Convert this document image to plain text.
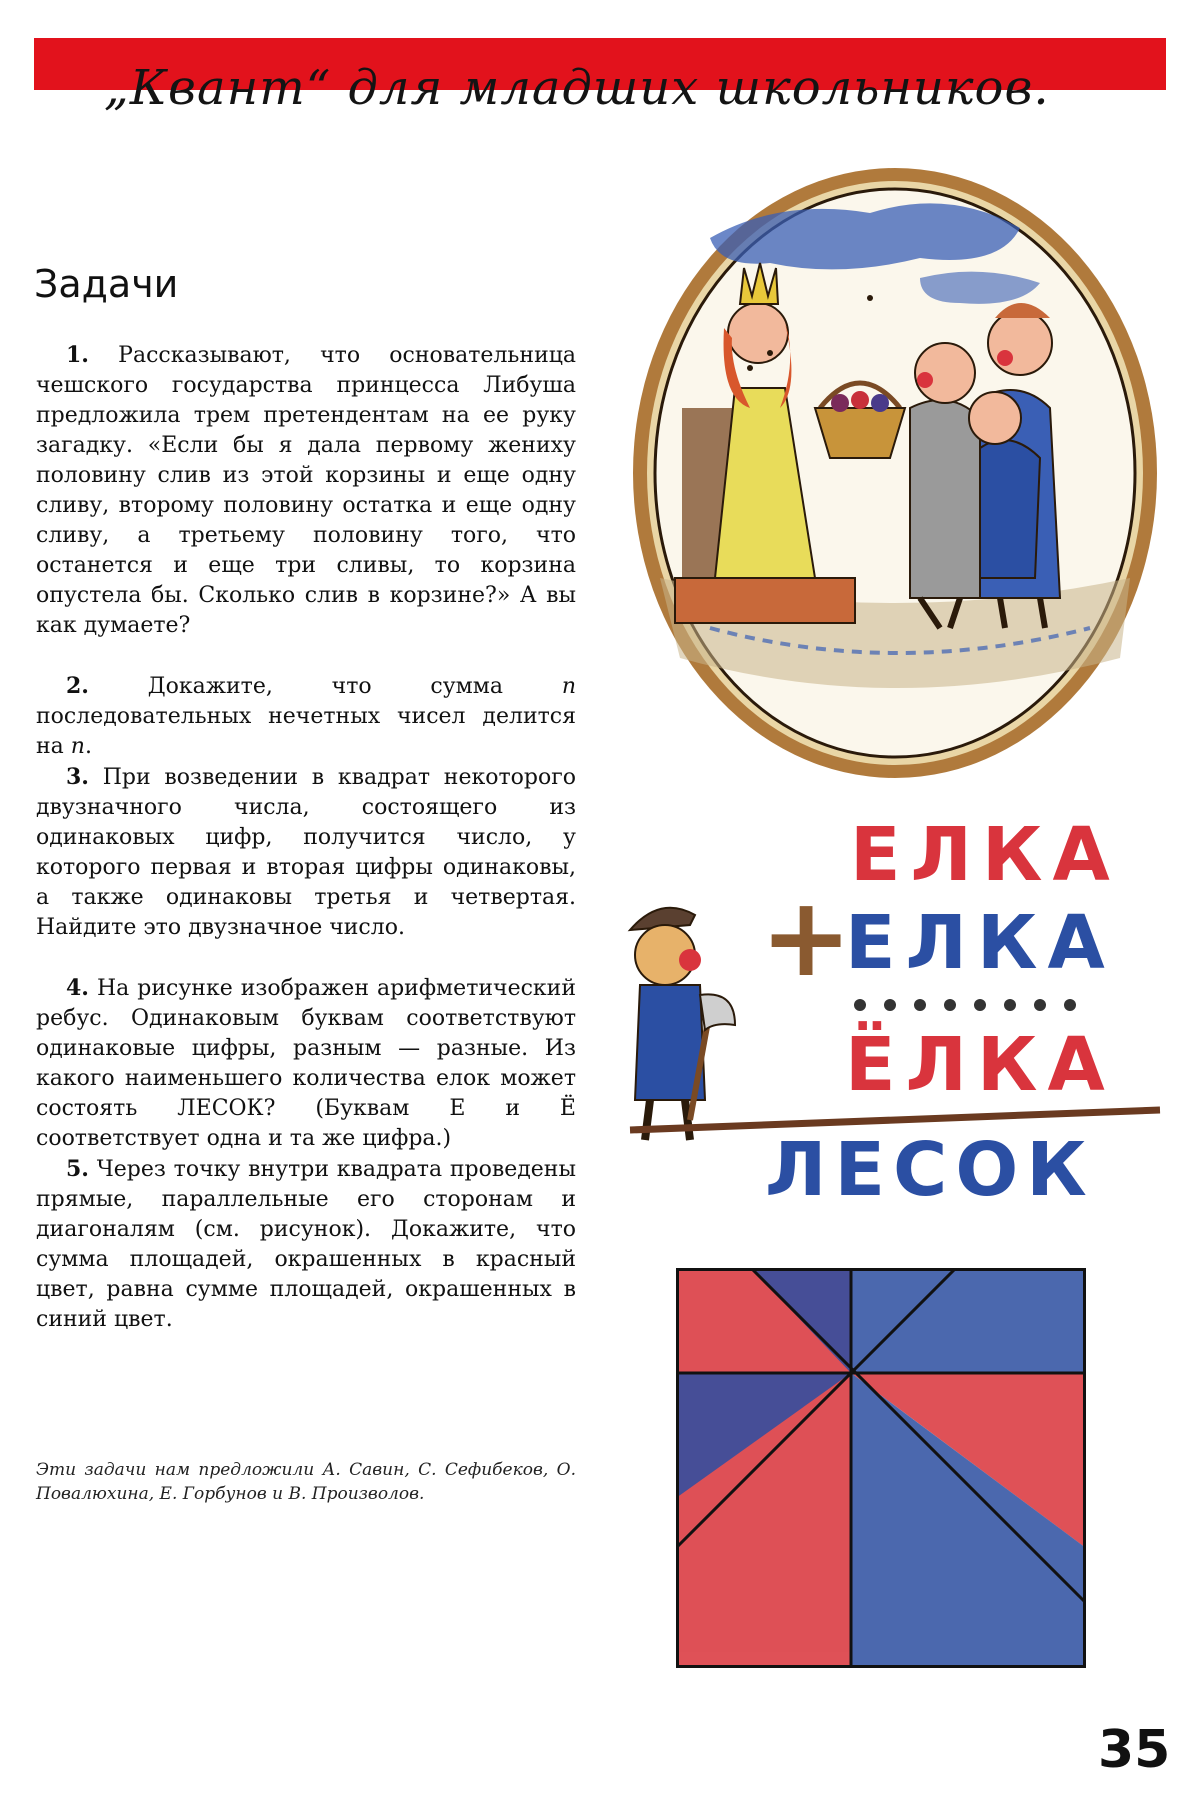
„Квант“ для младших школьников.
Задачи

1. Рассказывают, что основательница чешского государства принцесса Либуша предложила трем претендентам на ее руку загадку. «Если бы я дала первому жениху половину слив из этой корзины и еще одну сливу, второму половину остатка и еще одну сливу, а третьему половину того, что останется и еще три сливы, то корзина опустела бы. Сколько слив в корзине?» А вы как думаете?

2.	Докажите, что сумма n последовательных нечетных чисел делится на n.

3. При возведении в квадрат некоторого двузначного числа, состоящего из одинаковых цифр, получится число, у которого первая и вторая цифры одинаковы, а также одинаковы третья и четвертая. Найдите это двузначное число.

4. На рисунке изображен арифметический ребус. Одинаковым буквам соответствуют одинаковые цифры, разным — разные. Из какого наименьшего количества елок может состоять ЛЕСОК? (Буквам Е и Ё соответствует одна и та же цифра.)

5. Через точку внутри квадрата проведены прямые, параллельные его сторонам и диагоналям (см. рисунок). Докажите, что сумма площадей, окрашенных в красный цвет, равна сумме площадей, окрашенных в синий цвет.

Эти задачи нам предложили А. Савин, С. Сефибеков, О. Повалюхина, Е. Горбунов и В. Произволов.
+
ЕЛКА
ЕЛКА
ЁЛКА
ЛЕСОК
35
